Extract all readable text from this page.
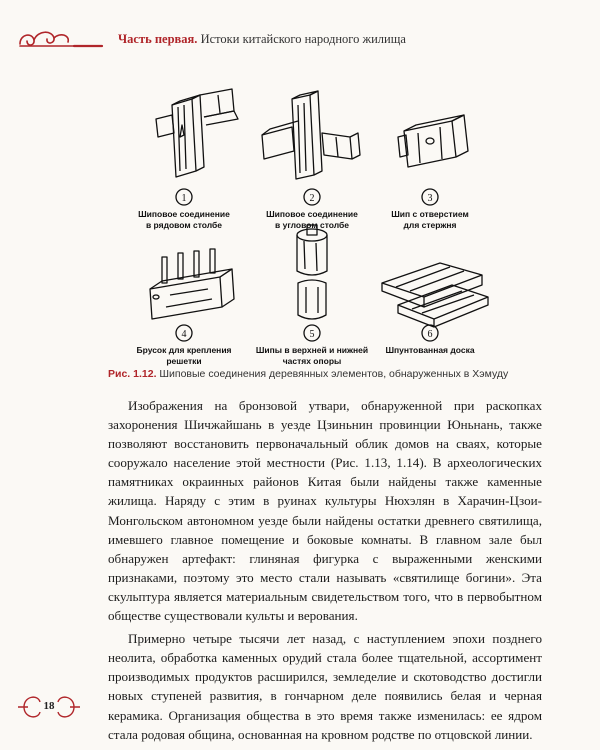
Часть первая. Истоки китайского народного жилища
1	2	3
4	5	6
Шиповое соединение
в рядовом столбе
Шиповое соединение
в угловом столбе
Шип с отверстием
для стержня
Брусок для крепления
решетки
Шипы в верхней и нижней
частях опоры
Шпунтованная доска
Рис. 1.12. Шиповые соединения деревянных элементов, обнаруженных в Хэмуду

Изображения на бронзовой утвари, обнаруженной при раскопках захоронения Шичжайшань в уезде Цзиньнин провинции Юньнань, также позволяют восстановить первоначальный облик домов на сваях, которые сооружало население этой местности (Рис. 1.13, 1.14). В археологических памятниках окраинных районов Китая были найдены также каменные жилища. Наряду с этим в руинах культуры Нюхэлян в Харачин-Цзои-Монгольском автономном уезде были найдены остатки древнего святилища, имевшего главное помещение и боковые комнаты. В главном зале был обнаружен артефакт: глиняная фигурка с выраженными женскими признаками, поэтому это место стали называть «святилище богини». Эта скульптура является материальным свидетельством того, что в первобытном обществе существовали культы и верования.

Примерно четыре тысячи лет назад, с наступлением эпохи позднего неолита, обработка каменных орудий стала более тщательной, ассортимент производимых продуктов расширился, земледелие и скотоводство достигли новых ступеней развития, в гончарном деле появились белая и черная керамика. Организация общества в это время также изменилась: ее ядром стала родовая община, основанная на кровном родстве по отцовской линии.

18
